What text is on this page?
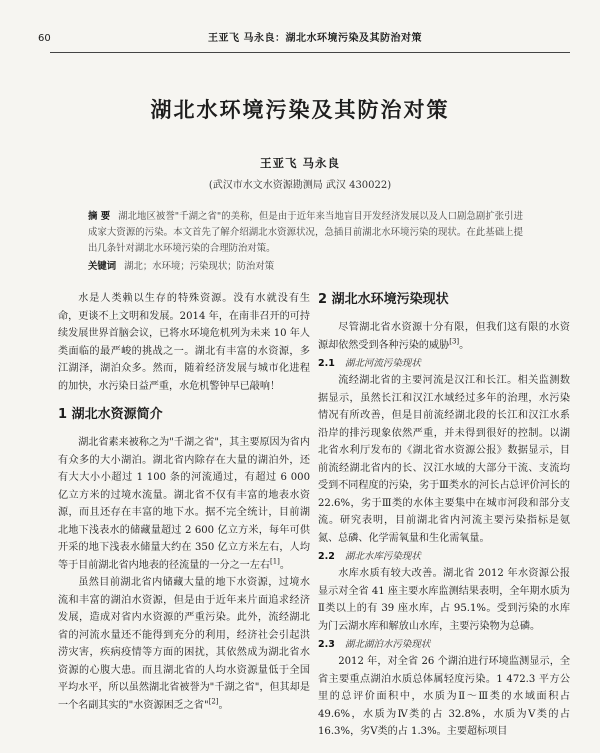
60	王亚飞 马永良：湖北水环境污染及其防治对策
湖北水环境污染及其防治对策
王亚飞 马永良
(武汉市水文水资源勘测局 武汉 430022)
摘 要 湖北地区被誉"千湖之省"的美称，但是由于近年来当地盲目开发经济发展以及人口剧急剧扩张引进成家大资源的污染。本文首先了解介绍湖北水资源状况，急插目前湖北水环境污染的现状。在此基础上提出几条针对湖北水环境污染的合理防治对策。
关键词 湖北；水环境；污染现状；防治对策

水是人类赖以生存的特殊资源。没有水就没有生命，更谈不上文明和发展。2014 年，在南非召开的可持续发展世界首脑会议，已将水环境危机列为未来 10 年人类面临的最严峻的挑战之一。湖北有丰富的水资源，多江湖泽，湖泊众多。然而，随着经济发展与城市化进程的加快，水污染日益严重，水危机警钟早已敲响！

1 湖北水资源简介

湖北省素来被称之为"千湖之省"，其主要原因为省内有众多的大小湖泊。湖北省内除存在大量的湖泊外，还有大大小小超过 1 100 条的河流通过，有超过 6 000 亿立方米的过境水流量。湖北省不仅有丰富的地表水资源，而且还存在丰富的地下水。据不完全统计，目前湖北地下浅表水的储藏量超过 2 600 亿立方米，每年可供开采的地下浅表水储量大约在 350 亿立方米左右，人均等于目前湖北省内地表的径流量的一分之一左右[1]。

虽然目前湖北省内储藏大量的地下水资源，过境水流和丰富的湖泊水资源，但是由于近年来片面追求经济发展，造成对省内水资源的严重污染。此外，流经湖北省的河流水量还不能得到充分的利用，经济社会引起洪涝灾害，疾病疫情等方面的困扰，其依然成为湖北省水资源的心腹大患。而且湖北省的人均水资源量低于全国平均水平，所以虽然湖北省被誉为"千湖之省"，但其却是一个名副其实的"水资源困乏之省"[2]。

2 湖北水环境污染现状

尽管湖北省水资源十分有限，但我们这有限的水资源却依然受到各种污染的威胁[3]。

2.1 湖北河流污染现状

流经湖北省的主要河流是汉江和长江。相关监测数据显示，虽然长江和汉江水域经过多年的治理，水污染情况有所改善，但是目前流经湖北段的长江和汉江水系沿岸的排污现象依然严重，并未得到很好的控制。以湖北省水利厅发布的《湖北省水资源公报》数据显示，目前流经湖北省内的长、汉江水域的大部分干流、支流均受到不同程度的污染，劣于Ⅲ类水的河长占总评价河长的 22.6%，劣于Ⅲ类的水体主要集中在城市河段和部分支流。研究表明，目前湖北省内河流主要污染指标是氨氮、总磷、化学需氧量和生化需氧量。

2.2 湖北水库污染现状

水库水质有较大改善。湖北省 2012 年水资源公报显示对全省 41 座主要水库监测结果表明，全年期水质为Ⅱ类以上的有 39 座水库，占 95.1%。受到污染的水库为门云湖水库和解放山水库，主要污染物为总磷。

2.3 湖北湖泊水污染现状

2012 年，对全省 26 个湖泊进行环境监测显示，全省主要重点湖泊水质总体属轻度污染。1 472.3 平方公里的总评价面积中，水质为Ⅱ～Ⅲ类的水域面积占 49.6%，水质为Ⅳ类的占 32.8%，水质为Ⅴ类的占 16.3%，劣Ⅴ类的占 1.3%。主要超标项目
